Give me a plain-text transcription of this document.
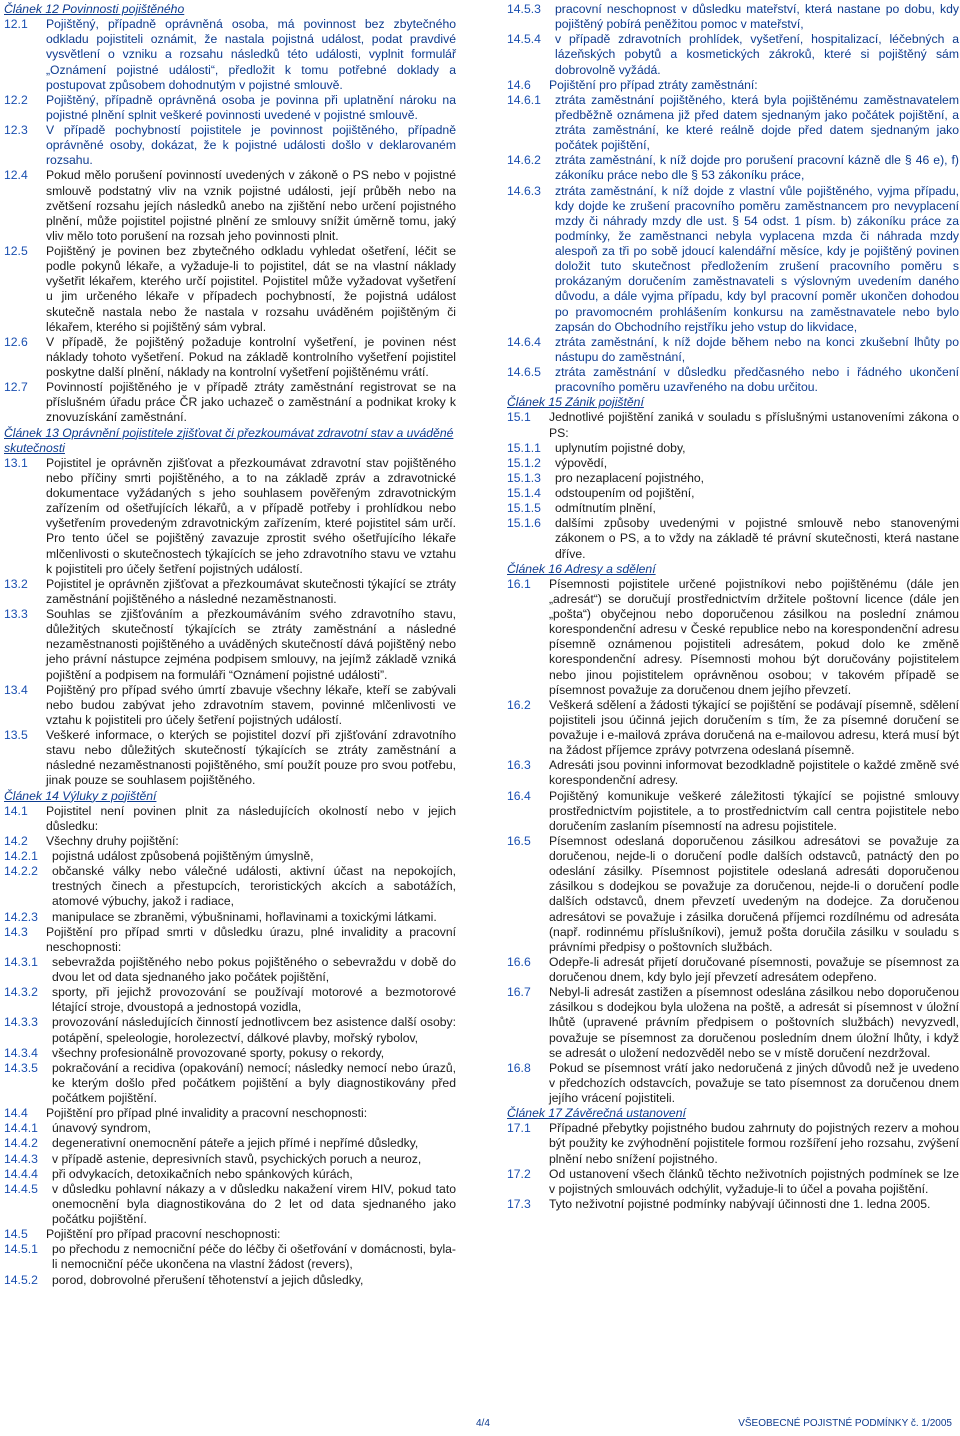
Článek 12 Povinnosti pojištěného

12.1	Pojištěný, případně oprávněná osoba, má povinnost bez zbytečného odkladu pojistiteli oznámit, že nastala pojistná událost, podat pravdivé vysvětlení o vzniku a rozsahu následků této události, vyplnit formulář „Oznámení pojistné události“, předložit k tomu potřebné doklady a postupovat způsobem dohodnutým v pojistné smlouvě.
12.2	Pojištěný, případně oprávněná osoba je povinna při uplatnění nároku na pojistné plnění splnit veškeré povinnosti uvedené v pojistné smlouvě.
12.3	V případě pochybností pojistitele je povinnost pojištěného, případně oprávněné osoby, dokázat, že k pojistné události došlo v deklarovaném rozsahu.
12.4	Pokud mělo porušení povinností uvedených v zákoně o PS nebo v pojistné smlouvě podstatný vliv na vznik pojistné události, její průběh nebo na zvětšení rozsahu jejích následků anebo na zjištění nebo určení pojistného plnění, může pojistitel pojistné plnění ze smlouvy snížit úměrně tomu, jaký vliv mělo toto porušení na rozsah jeho povinnosti plnit.
12.5	Pojištěný je povinen bez zbytečného odkladu vyhledat ošetření, léčit se podle pokynů lékaře, a vyžaduje-li to pojistitel, dát se na vlastní náklady vyšetřit lékařem, kterého určí pojistitel. Pojistitel může vyžadovat vyšetření u jim určeného lékaře v případech pochybností, že pojistná událost skutečně nastala nebo že nastala v rozsahu uváděném pojištěným či lékařem, kterého si pojištěný sám vybral.
12.6	V případě, že pojištěný požaduje kontrolní vyšetření, je povinen nést náklady tohoto vyšetření. Pokud na základě kontrolního vyšetření pojistitel poskytne další plnění, náklady na kontrolní vyšetření pojištěnému vrátí.
12.7	Povinností pojištěného je v případě ztráty zaměstnání registrovat se na příslušném úřadu práce ČR jako uchazeč o zaměstnání a podnikat kroky k znovuzískání zaměstnání.

Článek 13 Oprávnění pojistitele zjišťovat či přezkoumávat zdravotní stav a uváděné skutečnosti

13.1	Pojistitel je oprávněn zjišťovat a přezkoumávat zdravotní stav pojištěného nebo příčiny smrti pojištěného, a to na základě zpráv a zdravotnické dokumentace vyžádaných s jeho souhlasem pověřeným zdravotnickým zařízením od ošetřujících lékařů, a v případě potřeby i prohlídkou nebo vyšetřením provedeným zdravotnickým zařízením, které pojistitel sám určí. Pro tento účel se pojištěný zavazuje zprostit svého ošetřujícího lékaře mlčenlivosti o skutečnostech týkajících se jeho zdravotního stavu ve vztahu k pojistiteli pro účely šetření pojistných událostí.
13.2	Pojistitel je oprávněn zjišťovat a přezkoumávat skutečnosti týkající se ztráty zaměstnání pojištěného a následné nezaměstnanosti.
13.3	Souhlas se zjišťováním a přezkoumáváním svého zdravotního stavu, důležitých skutečností týkajících se ztráty zaměstnání a následné nezaměstnanosti pojištěného a uváděných skutečností dává pojištěný nebo jeho právní nástupce zejména podpisem smlouvy, na jejímž základě vzniká pojištění a podpisem na formuláři “Oznámení pojistné události”.
13.4	Pojištěný pro případ svého úmrtí zbavuje všechny lékaře, kteří se zabývali nebo budou zabývat jeho zdravotním stavem, povinné mlčenlivosti ve vztahu k pojistiteli pro účely šetření pojistných událostí.
13.5	Veškeré informace, o kterých se pojistitel dozví při zjišťování zdravotního stavu nebo důležitých skutečností týkajících se ztráty zaměstnání a následné nezaměstnanosti pojištěného, smí použít pouze pro svou potřebu, jinak pouze se souhlasem pojištěného.

Článek 14 Výluky z pojištění

14.1	Pojistitel není povinen plnit za následujících okolností nebo v jejich důsledku:
14.2	Všechny druhy pojištění:
14.2.1	pojistná událost způsobená pojištěným úmyslně,
14.2.2	občanské války nebo válečné události, aktivní účast na nepokojích, trestných činech a přestupcích, teroristických akcích a sabotážích, atomové výbuchy, jakož i radiace,
14.2.3	manipulace se zbraněmi, výbušninami, hořlavinami a toxickými látkami.
14.3	Pojištění pro případ smrti v důsledku úrazu, plné invalidity a pracovní neschopnosti:
14.3.1	sebevražda pojištěného nebo pokus pojištěného o sebevraždu v době do dvou let od data sjednaného jako počátek pojištění,
14.3.2	sporty, při jejichž provozování se používají motorové a bezmotorové létající stroje, dvoustopá a jednostopá vozidla,
14.3.3	provozování následujících činností jednotlivcem bez asistence další osoby: potápění, speleologie, horolezectví, dálkové plavby, mořský rybolov,
14.3.4	všechny profesionálně provozované sporty, pokusy o rekordy,
14.3.5	pokračování a recidiva (opakování) nemocí; následky nemocí nebo úrazů, ke kterým došlo před počátkem pojištění a byly diagnostikovány před počátkem pojištění.
14.4	Pojištění pro případ plné invalidity a pracovní neschopnosti:
14.4.1	únavový syndrom,
14.4.2	degenerativní onemocnění páteře a jejich přímé i nepřímé důsledky,
14.4.3	v případě astenie, depresivních stavů, psychických poruch a neuroz,
14.4.4	při odvykacích, detoxikačních nebo spánkových kúrách,
14.4.5	v důsledku pohlavní nákazy a v důsledku nakažení virem HIV, pokud tato onemocnění byla diagnostikována do 2 let od data sjednaného jako počátku pojištění.
14.5	Pojištění pro případ pracovní neschopnosti:
14.5.1	po přechodu z nemocniční péče do léčby či ošetřování v domácnosti, byla-li nemocniční péče ukončena na vlastní žádost (revers),
14.5.2	porod, dobrovolné přerušení těhotenství a jejich důsledky,
14.5.3	pracovní neschopnost v důsledku mateřství, která nastane po dobu, kdy pojištěný pobírá peněžitou pomoc v mateřství,
14.5.4	v případě zdravotních prohlídek, vyšetření, hospitalizací, léčebných a lázeňských pobytů a kosmetických zákroků, které si pojištěný sám dobrovolně vyžádá.
14.6	Pojištění pro případ ztráty zaměstnání:
14.6.1	ztráta zaměstnání pojištěného, která byla pojištěnému zaměstnavatelem předběžně oznámena již před datem sjednaným jako počátek pojištění, a ztráta zaměstnání, ke které reálně dojde před datem sjednaným jako počátek pojištění,
14.6.2	ztráta zaměstnání, k níž dojde pro porušení pracovní kázně dle § 46 e), f) zákoníku práce nebo dle § 53 zákoníku práce,
14.6.3	ztráta zaměstnání, k níž dojde z vlastní vůle pojištěného, vyjma případu, kdy dojde ke zrušení pracovního poměru zaměstnancem pro nevyplacení mzdy či náhrady mzdy dle ust. § 54 odst. 1 písm. b) zákoníku práce za podmínky, že zaměstnanci nebyla vyplacena mzda či náhrada mzdy alespoň za tři po sobě jdoucí kalendářní měsíce, kdy je pojištěný povinen doložit tuto skutečnost předložením zrušení pracovního poměru s prokázaným doručením zaměstnavateli s výslovným uvedením daného důvodu, a dále vyjma případu, kdy byl pracovní poměr ukončen dohodou po pravomocném prohlášením konkursu na zaměstnavatele nebo bylo zapsán do Obchodního rejstříku jeho vstup do likvidace,
14.6.4	ztráta zaměstnání, k níž dojde během nebo na konci zkušební lhůty po nástupu do zaměstnání,
14.6.5	ztráta zaměstnání v důsledku předčasného nebo i řádného ukončení pracovního poměru uzavřeného na dobu určitou.

Článek 15 Zánik pojištění

15.1	Jednotlivé pojištění zaniká v souladu s příslušnými ustanoveními zákona o PS:
15.1.1	uplynutím pojistné doby,
15.1.2	výpovědí,
15.1.3	pro nezaplacení pojistného,
15.1.4	odstoupením od pojištění,
15.1.5	odmítnutím plnění,
15.1.6	dalšími způsoby uvedenými v pojistné smlouvě nebo stanovenými zákonem o PS, a to vždy na základě té právní skutečnosti, která nastane dříve.

Článek 16 Adresy a sdělení

16.1	Písemnosti pojistitele určené pojistníkovi nebo pojištěnému (dále jen „adresát“) se doručují prostřednictvím držitele poštovní licence (dále jen „pošta“) obyčejnou nebo doporučenou zásilkou na poslední známou korespondenční adresu v České republice nebo na korespondenční adresu písemně oznámenou pojistiteli adresátem, pokud dolo ke změně korespondenční adresy. Písemnosti mohou být doručovány pojistitelem nebo jinou pojistitelem oprávněnou osobou; v takovém případě se písemnost považuje za doručenou dnem jejího převzetí.
16.2	Veškerá sdělení a žádosti týkající se pojištění se podávají písemně, sdělení pojistiteli jsou účinná jejich doručením s tím, že za písemné doručení se považuje i e-mailová zpráva doručená na e-mailovou adresu, která musí být na žádost příjemce zprávy potvrzena odeslaná písemně.
16.3	Adresáti jsou povinni informovat bezodkladně pojistitele o každé změně své korespondenční adresy.
16.4	Pojištěný komunikuje veškeré záležitosti týkající se pojistné smlouvy prostřednictvím pojistitele, a to prostřednictvím call centra pojistitele nebo doručením zaslaním písemností na adresu pojistitele.
16.5	Písemnost odeslaná doporučenou zásilkou adresátovi se považuje za doručenou, nejde-li o doručení podle dalších odstavců, patnáctý den po odeslání zásilky. Písemnost pojistitele odeslaná adresáti doporučenou zásilkou s dodejkou se považuje za doručenou, nejde-li o doručení podle dalších odstavců, dnem převzetí uvedeným na dodejce. Za doručenou adresátovi se považuje i zásilka doručená příjemci rozdílnému od adresáta (např. rodinnému příslušníkovi), jemuž pošta doručila zásilku v souladu s právními předpisy o poštovních službách.
16.6	Odepře-li adresát přijetí doručované písemnosti, považuje se písemnost za doručenou dnem, kdy bylo její převzetí adresátem odepřeno.
16.7	Nebyl-li adresát zastižen a písemnost odeslána zásilkou nebo doporučenou zásilkou s dodejkou byla uložena na poště, a adresát si písemnost v úložní lhůtě (upravené právním předpisem o poštovních službách) nevyzvedl, považuje se písemnost za doručenou posledním dnem úložní lhůty, i když se adresát o uložení nedozvěděl nebo se v místě doručení nezdržoval.
16.8	Pokud se písemnost vrátí jako nedoručená z jiných důvodů než je uvedeno v předchozích odstavcích, považuje se tato písemnost za doručenou dnem jejího vrácení pojistiteli.

Článek 17 Závěrečná ustanovení

17.1	Případné přebytky pojistného budou zahrnuty do pojistných rezerv a mohou být použity ke zvýhodnění pojistitele formou rozšíření jeho rozsahu, zvýšení plnění nebo snížení pojistného.
17.2	Od ustanovení všech článků těchto neživotních pojistných podmínek se lze v pojistných smlouvách odchýlit, vyžaduje-li to účel a povaha pojištění.
17.3	Tyto neživotní pojistné podmínky nabývají účinnosti dne 1. ledna 2005.
4/4	VŠEOBECNÉ POJISTNÉ PODMÍNKY č. 1/2005
